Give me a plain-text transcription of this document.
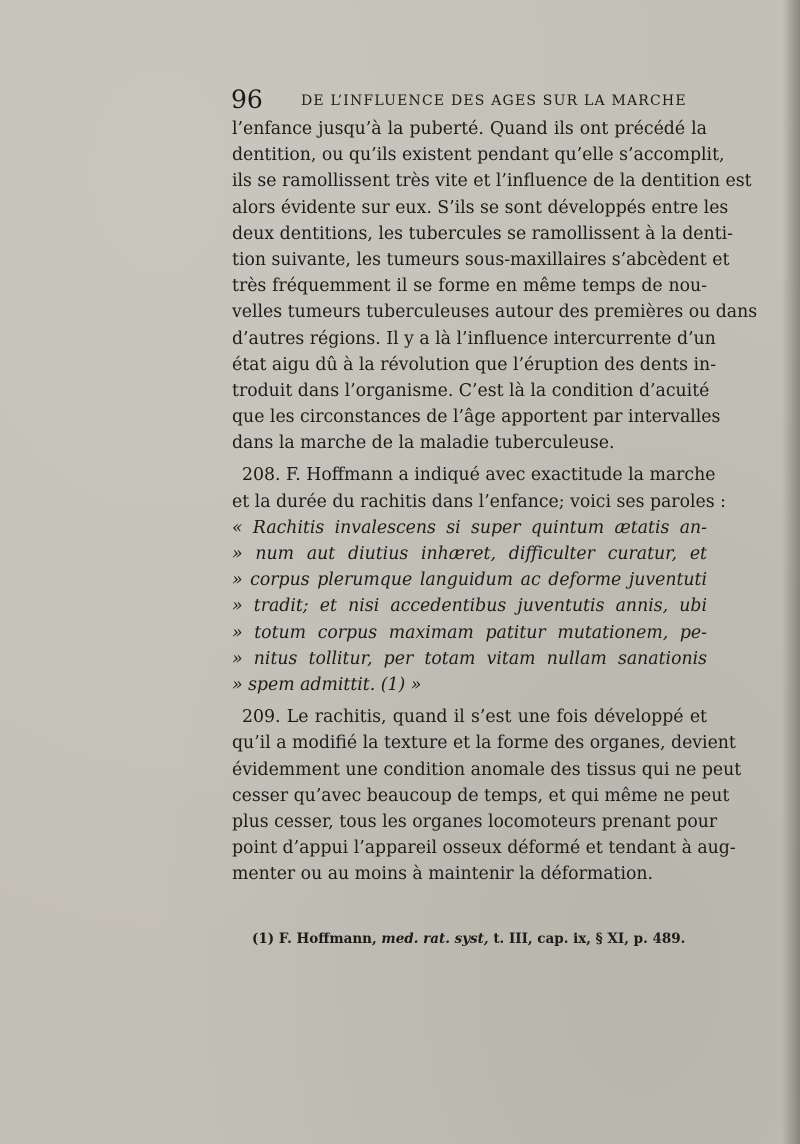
96	DE L’INFLUENCE DES AGES SUR LA MARCHE
l’enfance jusqu’à la puberté. Quand ils ont précédé la
dentition, ou qu’ils existent pendant qu’elle s’accomplit,
ils se ramollissent très vite et l’influence de la dentition est
alors évidente sur eux. S’ils se sont développés entre les
deux dentitions, les tubercules se ramollissent à la denti-
tion suivante, les tumeurs sous-maxillaires s’abcèdent et
très fréquemment il se forme en même temps de nou-
velles tumeurs tuberculeuses autour des premières ou dans
d’autres régions. Il y a là l’influence intercurrente d’un
état aigu dû à la révolution que l’éruption des dents in-
troduit dans l’organisme. C’est là la condition d’acuité
que les circonstances de l’âge apportent par intervalles
dans la marche de la maladie tuberculeuse.
208. F. Hoffmann a indiqué avec exactitude la marche
et la durée du rachitis dans l’enfance; voici ses paroles :
« Rachitis invalescens si super quintum ætatis an-
» num aut diutius inhæret, difficulter curatur, et
» corpus plerumque languidum ac deforme juventuti
» tradit; et nisi accedentibus juventutis annis, ubi
» totum corpus maximam patitur mutationem, pe-
» nitus tollitur, per totam vitam nullam sanationis
» spem admittit. (1) »
209. Le rachitis, quand il s’est une fois développé et
qu’il a modifié la texture et la forme des organes, devient
évidemment une condition anomale des tissus qui ne peut
cesser qu’avec beaucoup de temps, et qui même ne peut
plus cesser, tous les organes locomoteurs prenant pour
point d’appui l’appareil osseux déformé et tendant à aug-
menter ou au moins à maintenir la déformation.
(1) F. Hoffmann, med. rat. syst, t. III, cap. ix, § XI, p. 489.
